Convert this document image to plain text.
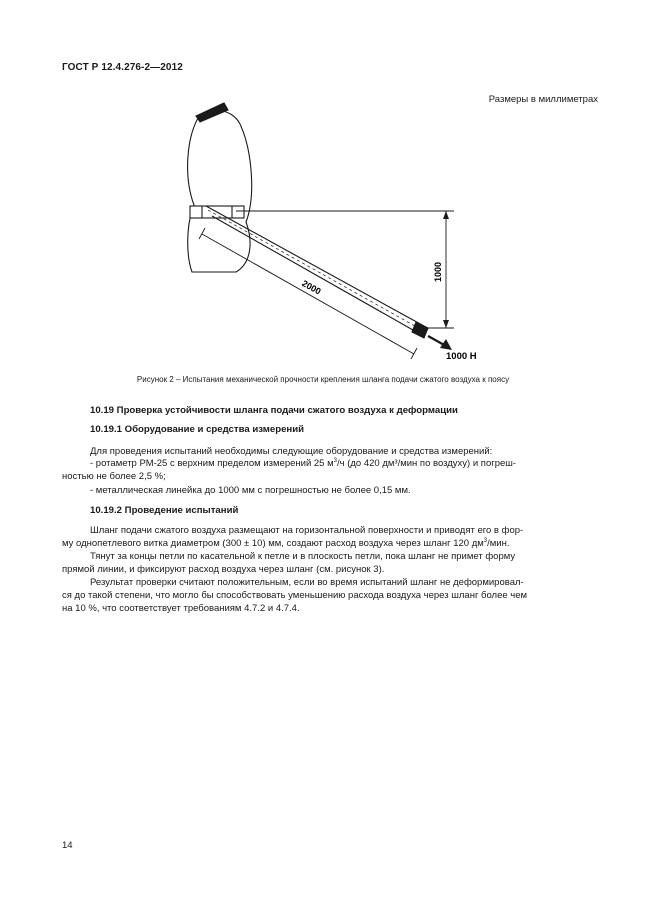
ГОСТ Р 12.4.276-2—2012
Размеры в миллиметрах
2000
1000
1000 Н
Рисунок 2 – Испытания механической прочности крепления шланга подачи сжатого воздуха к поясу
10.19 Проверка устойчивости шланга подачи сжатого воздуха к деформации
10.19.1 Оборудование и средства измерений
Для проведения испытаний необходимы следующие оборудование и средства измерений:
- ротаметр РМ-25 с верхним пределом измерений 25 $м^3/ч$ (до 420 дм³/мин по воздуху) и погреш-
ностью не более 2,5 %;
- металлическая линейка до 1000 мм с погрешностью не более 0,15 мм.
10.19.2 Проведение испытаний
Шланг подачи сжатого воздуха размещают на горизонтальной поверхности и приводят его в фор-
му однопетлевого витка диаметром (300 ± 10) мм, создают расход воздуха через шланг 120 $дм^3$/мин.
Тянут за концы петли по касательной к петле и в плоскость петли, пока шланг не примет форму
прямой линии, и фиксируют расход воздуха через шланг (см. рисунок 3).
Результат проверки считают положительным, если во время испытаний шланг не деформировал-
ся до такой степени, что могло бы способствовать уменьшению расхода воздуха через шланг более чем
на 10 %, что соответствует требованиям 4.7.2 и 4.7.4.
14
